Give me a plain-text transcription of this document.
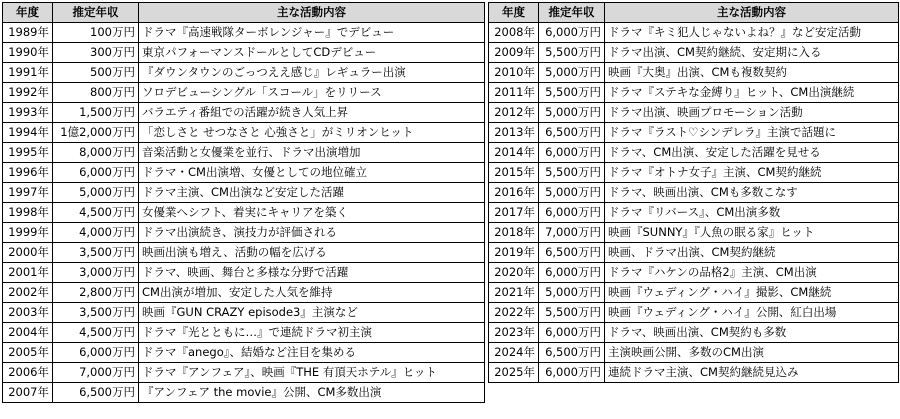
年度	推定年収	主な活動内容
1989年	100万円	ドラマ『高速戦隊ターボレンジャー』でデビュー
1990年	300万円	東京パフォーマンスドールとしてCDデビュー
1991年	500万円	『ダウンタウンのごっつええ感じ』レギュラー出演
1992年	800万円	ソロデビューシングル「スコール」をリリース
1993年	1,500万円	バラエティ番組での活躍が続き人気上昇
1994年	1億2,000万円	「恋しさと せつなさと 心強さと」がミリオンヒット
1995年	8,000万円	音楽活動と女優業を並行、ドラマ出演増加
1996年	6,000万円	ドラマ・CM出演増、女優としての地位確立
1997年	5,000万円	ドラマ主演、CM出演など安定した活躍
1998年	4,500万円	女優業へシフト、着実にキャリアを築く
1999年	4,000万円	ドラマ出演続き、演技力が評価される
2000年	3,500万円	映画出演も増え、活動の幅を広げる
2001年	3,000万円	ドラマ、映画、舞台と多様な分野で活躍
2002年	2,800万円	CM出演が増加、安定した人気を維持
2003年	3,500万円	映画『GUN CRAZY episode3』主演など
2004年	4,500万円	ドラマ『光とともに…』で連続ドラマ初主演
2005年	6,000万円	ドラマ『anego』、結婚など注目を集める
2006年	7,000万円	ドラマ『アンフェア』、映画『THE 有頂天ホテル』ヒット
2007年	6,500万円	『アンフェア the movie』公開、CM多数出演
年度	推定年収	主な活動内容
2008年	6,000万円	ドラマ『キミ犯人じゃないよね？』など安定活動
2009年	5,500万円	ドラマ出演、CM契約継続、安定期に入る
2010年	5,000万円	映画『大奥』出演、CMも複数契約
2011年	5,500万円	ドラマ『ステキな金縛り』ヒット、CM出演継続
2012年	5,000万円	ドラマ出演、映画プロモーション活動
2013年	6,500万円	ドラマ『ラスト♡シンデレラ』主演で話題に
2014年	6,000万円	ドラマ、CM出演、安定した活躍を見せる
2015年	5,500万円	ドラマ『オトナ女子』主演、CM契約継続
2016年	5,000万円	ドラマ、映画出演、CMも多数こなす
2017年	6,000万円	ドラマ『リバース』、CM出演多数
2018年	7,000万円	映画『SUNNY』『人魚の眠る家』ヒット
2019年	6,500万円	映画、ドラマ出演、CM契約継続
2020年	6,000万円	ドラマ『ハケンの品格2』主演、CM出演
2021年	5,000万円	映画『ウェディング・ハイ』撮影、CM継続
2022年	5,500万円	映画『ウェディング・ハイ』公開、紅白出場
2023年	6,000万円	ドラマ、映画出演、CM契約も多数
2024年	6,500万円	主演映画公開、多数のCM出演
2025年	6,000万円	連続ドラマ主演、CM契約継続見込み
